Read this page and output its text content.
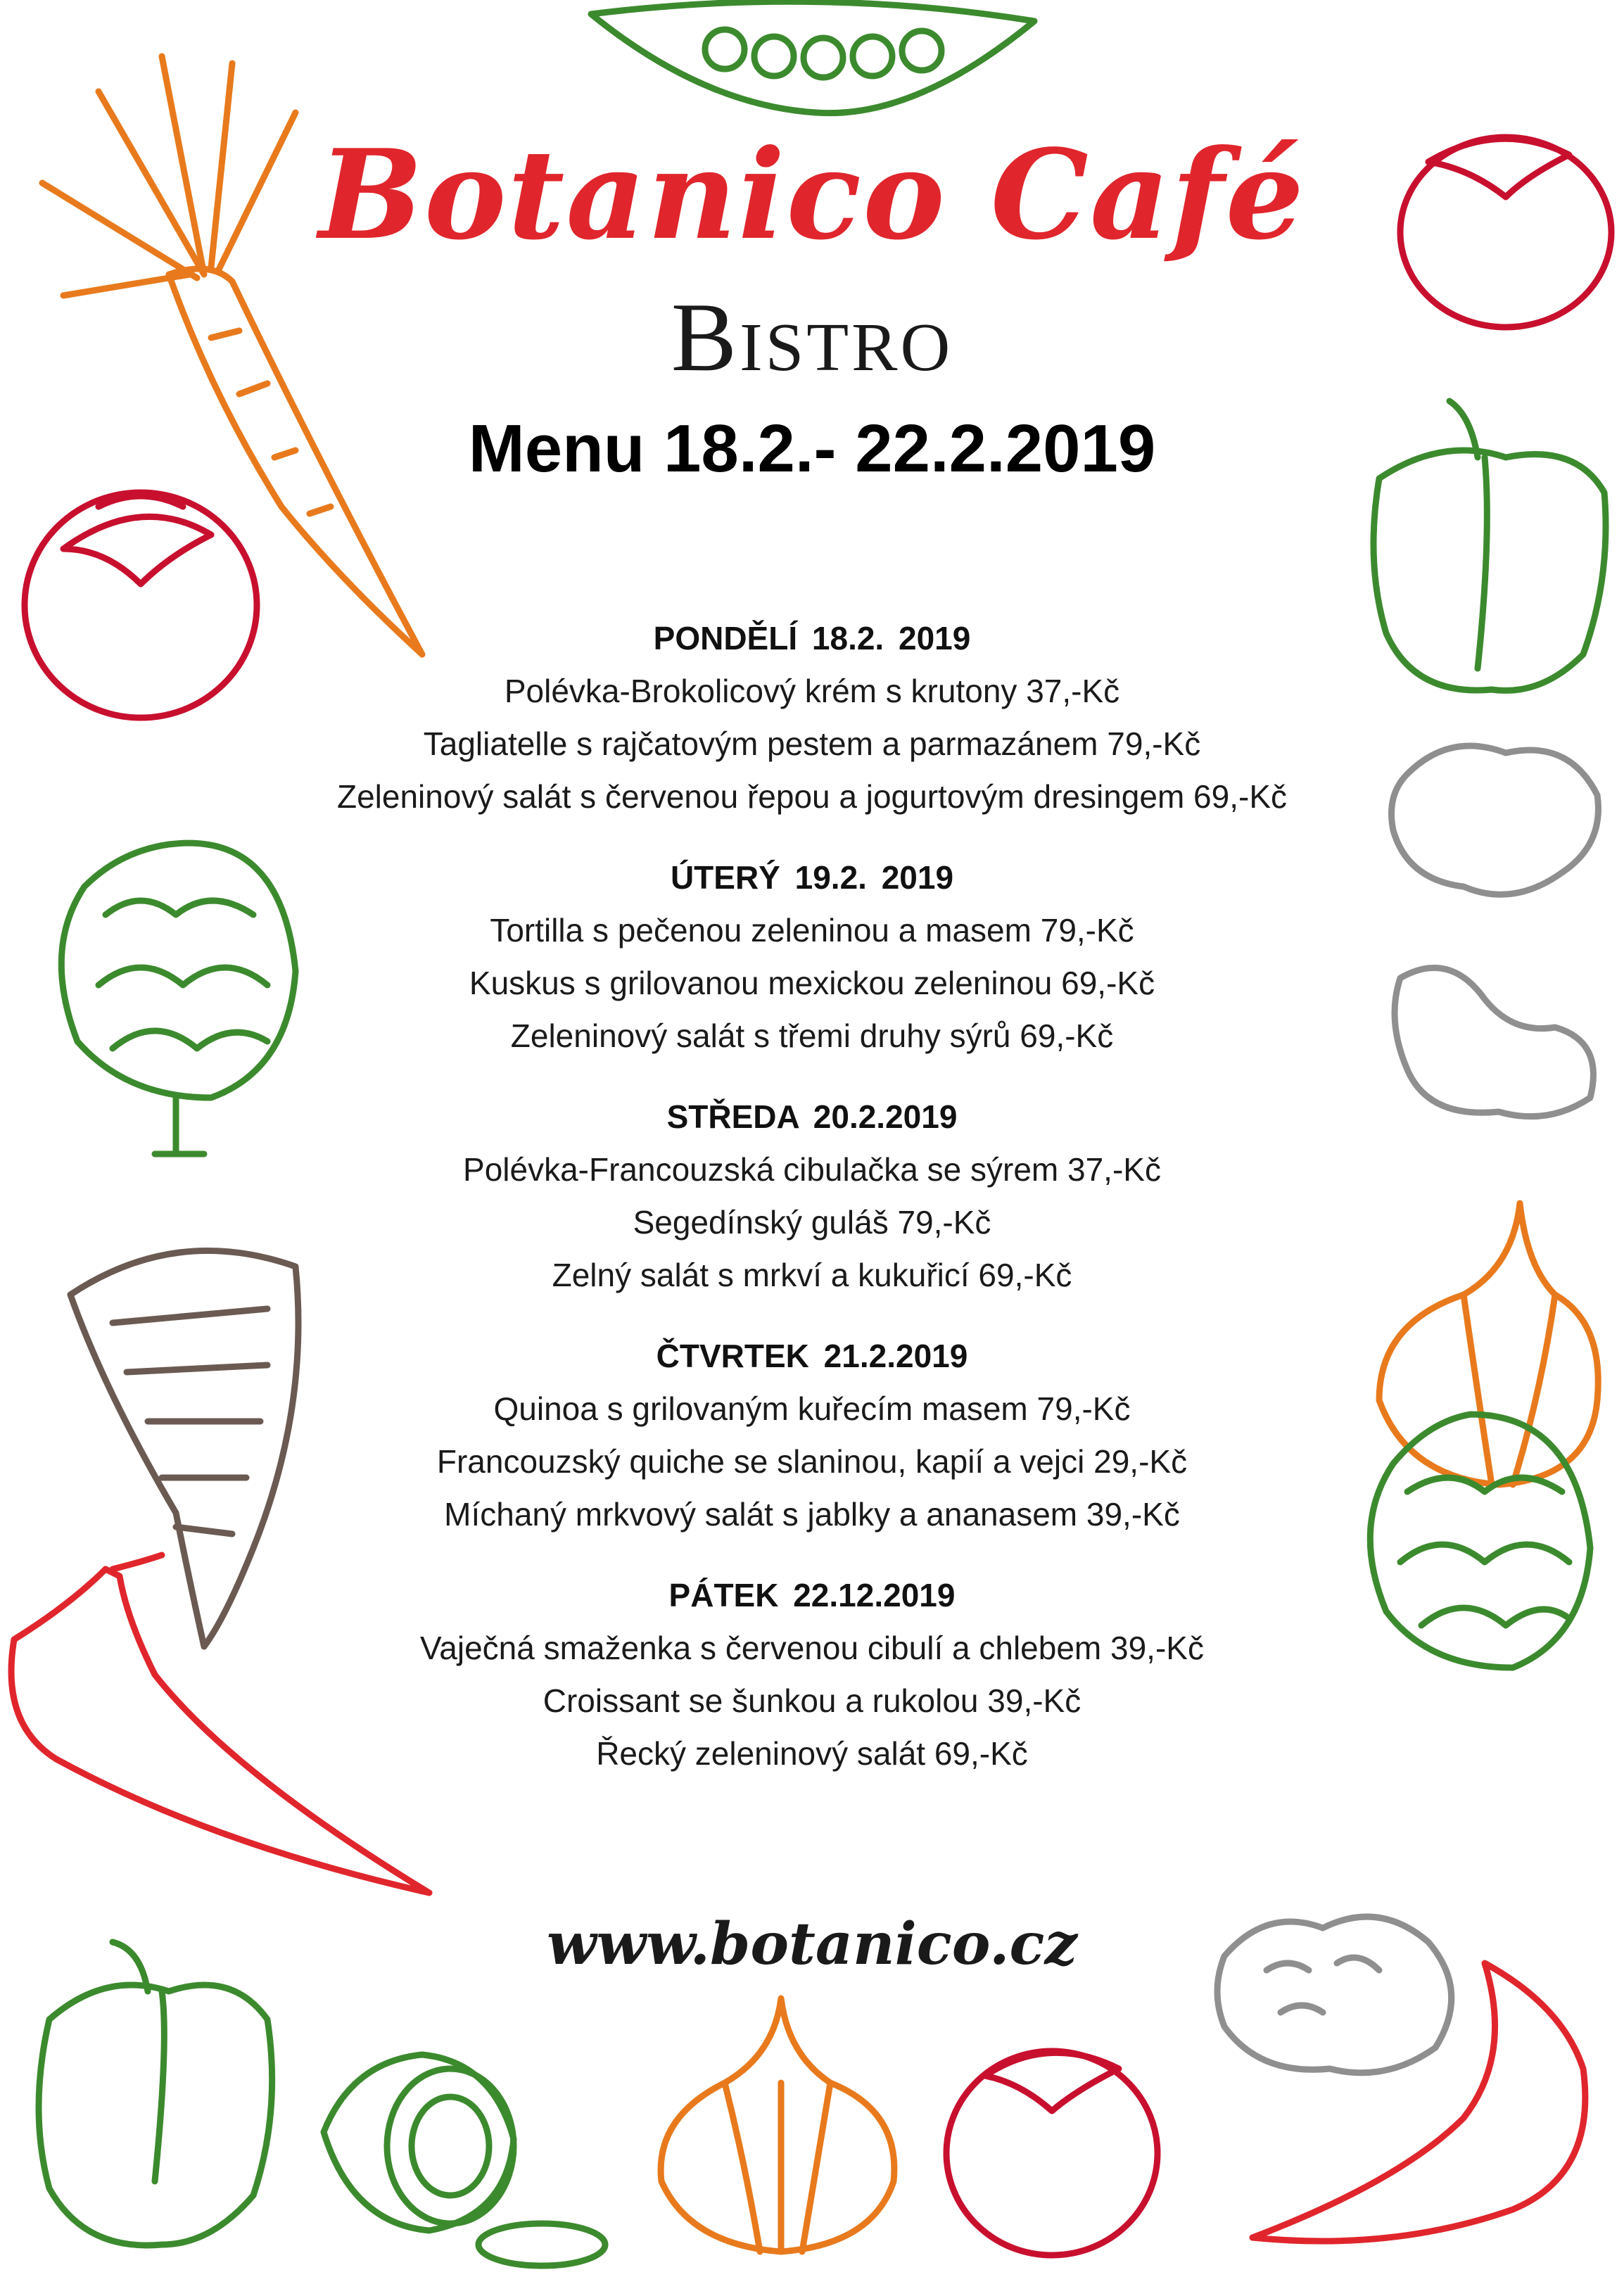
Botanico Café
Bistro
Menu 18.2.- 22.2.2019
PONDĚLÍ 18.2. 2019
Polévka-Brokolicový krém s krutony 37,-Kč
Tagliatelle s rajčatovým pestem a parmazánem 79,-Kč
Zeleninový salát s červenou řepou a jogurtovým dresingem 69,-Kč
ÚTERÝ 19.2. 2019
Tortilla s pečenou zeleninou a masem 79,-Kč
Kuskus s grilovanou mexickou zeleninou 69,-Kč
Zeleninový salát s třemi druhy sýrů 69,-Kč
STŘEDA 20.2.2019
Polévka-Francouzská cibulačka se sýrem 37,-Kč
Segedínský guláš 79,-Kč
Zelný salát s mrkví a kukuřicí 69,-Kč
ČTVRTEK 21.2.2019
Quinoa s grilovaným kuřecím masem 79,-Kč
Francouzský quiche se slaninou, kapií a vejci 29,-Kč
Míchaný mrkvový salát s jablky a ananasem 39,-Kč
PÁTEK 22.12.2019
Vaječná smaženka s červenou cibulí a chlebem 39,-Kč
Croissant se šunkou a rukolou 39,-Kč
Řecký zeleninový salát 69,-Kč
www.botanico.cz
